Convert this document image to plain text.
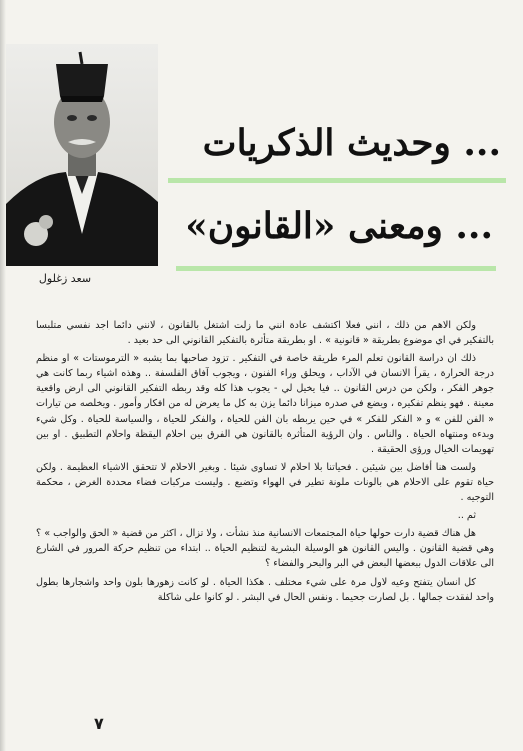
سعد زغلول
... وحديث الذكريات
... ومعنى «القانون»

ولكن الاهم من ذلك ، انني فعلا اكتشف عادة انني ما زلت اشتغل بالقانون ، لانني دائما اجد نفسي متلبسا بالتفكير في اي موضوع بطريقة « قانونية » . او بطريقة متأثرة بالتفكير القانوني الى حد بعيد .

ذلك ان دراسة القانون تعلم المرء طريقة خاصة في التفكير . تزود صاحبها بما يشبه « الترموستات » او منظم درجة الحرارة ، يقرأ الانسان في الآداب ، ويحلق وراء الفنون ، ويجوب آفاق الفلسفة .. وهذه اشياء ربما كانت هي جوهر الفكر ، ولكن من درس القانون .. فيا يخيل لي - يجوب هذا كله وقد ربطه التفكير القانوني الى ارض واقعية معينة . فهو ينظم تفكيره ، ويضع في صدره ميزانا دائما يزن به كل ما يعرض له من افكار وأمور . ويخلصه من تيارات « الفن للفن » و « الفكر للفكر » في حين يربطه بان الفن للحياة ، والفكر للحياة ، والسياسة للحياة . وكل شيء وبدءه ومنتهاه الحياة . والناس . وان الرؤية المتأثرة بالقانون هي الفرق بين احلام اليقظة واحلام التطبيق . او بين تهويمات الخيال ورؤى الحقيقة .

ولست هنا أفاضل بين شيئين . فحياتنا بلا احلام لا تساوى شيئا . وبغير الاحلام لا تتحقق الاشياء العظيمة . ولكن حياة تقوم على الاحلام هي بالونات ملونة تطير في الهواء وتضيع . وليست مركبات فضاء محددة الغرض ، محكمة التوجيه .

ثم ..

هل هناك قضية دارت حولها حياة المجتمعات الانسانية منذ نشأت ، ولا تزال ، اكثر من قضية « الحق والواجب » ؟ وهي قضية القانون . واليس القانون هو الوسيلة البشرية لتنظيم الحياة .. ابتداء من تنظيم حركة المرور في الشارع الى علاقات الدول ببعضها البعض في البر والبحر والفضاء ؟

كل انسان يتفتح وعيه لاول مرة على شيء مختلف . هكذا الحياة . لو كانت زهورها بلون واحد واشجارها بطول واحد لفقدت جمالها . بل لصارت جحيما . ونفس الحال في البشر . لو كانوا على شاكلة

٧
